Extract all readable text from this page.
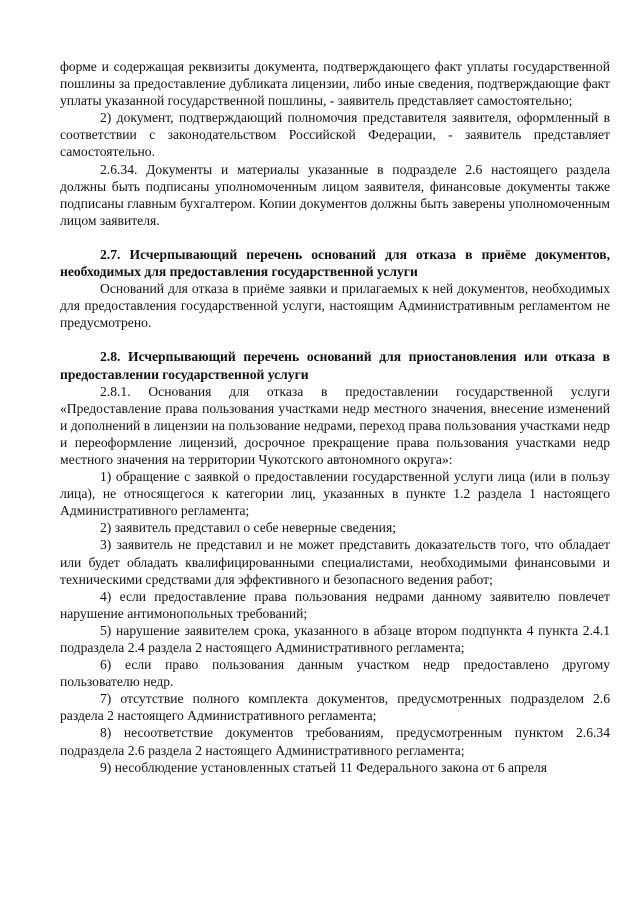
форме и содержащая реквизиты документа, подтверждающего факт уплаты государственной пошлины за предоставление дубликата лицензии, либо иные сведения, подтверждающие факт уплаты указанной государственной пошлины, - заявитель представляет самостоятельно;

2) документ, подтверждающий полномочия представителя заявителя, оформленный в соответствии с законодательством Российской Федерации, - заявитель представляет самостоятельно.

2.6.34. Документы и материалы указанные в подразделе 2.6 настоящего раздела должны быть подписаны уполномоченным лицом заявителя, финансовые документы также подписаны главным бухгалтером. Копии документов должны быть заверены уполномоченным лицом заявителя.

2.7. Исчерпывающий перечень оснований для отказа в приёме документов, необходимых для предоставления государственной услуги

Оснований для отказа в приёме заявки и прилагаемых к ней документов, необходимых для предоставления государственной услуги, настоящим Административным регламентом не предусмотрено.

2.8. Исчерпывающий перечень оснований для приостановления или отказа в предоставлении государственной услуги

2.8.1. Основания для отказа в предоставлении государственной услуги «Предоставление права пользования участками недр местного значения, внесение изменений и дополнений в лицензии на пользование недрами, переход права пользования участками недр и переоформление лицензий, досрочное прекращение права пользования участками недр местного значения на территории Чукотского автономного округа»:

1) обращение с заявкой о предоставлении государственной услуги лица (или в пользу лица), не относящегося к категории лиц, указанных в пункте 1.2 раздела 1 настоящего Административного регламента;

2) заявитель представил о себе неверные сведения;

3) заявитель не представил и не может представить доказательств того, что обладает или будет обладать квалифицированными специалистами, необходимыми финансовыми и техническими средствами для эффективного и безопасного ведения работ;

4) если предоставление права пользования недрами данному заявителю повлечет нарушение антимонопольных требований;

5) нарушение заявителем срока, указанного в абзаце втором подпункта 4 пункта 2.4.1 подраздела 2.4 раздела 2 настоящего Административного регламента;

6) если право пользования данным участком недр предоставлено другому пользователю недр.

7) отсутствие полного комплекта документов, предусмотренных подразделом 2.6 раздела 2 настоящего Административного регламента;

8) несоответствие документов требованиям, предусмотренным пунктом 2.6.34 подраздела 2.6 раздела 2 настоящего Административного регламента;

9) несоблюдение установленных статьей 11 Федерального закона от 6 апреля
